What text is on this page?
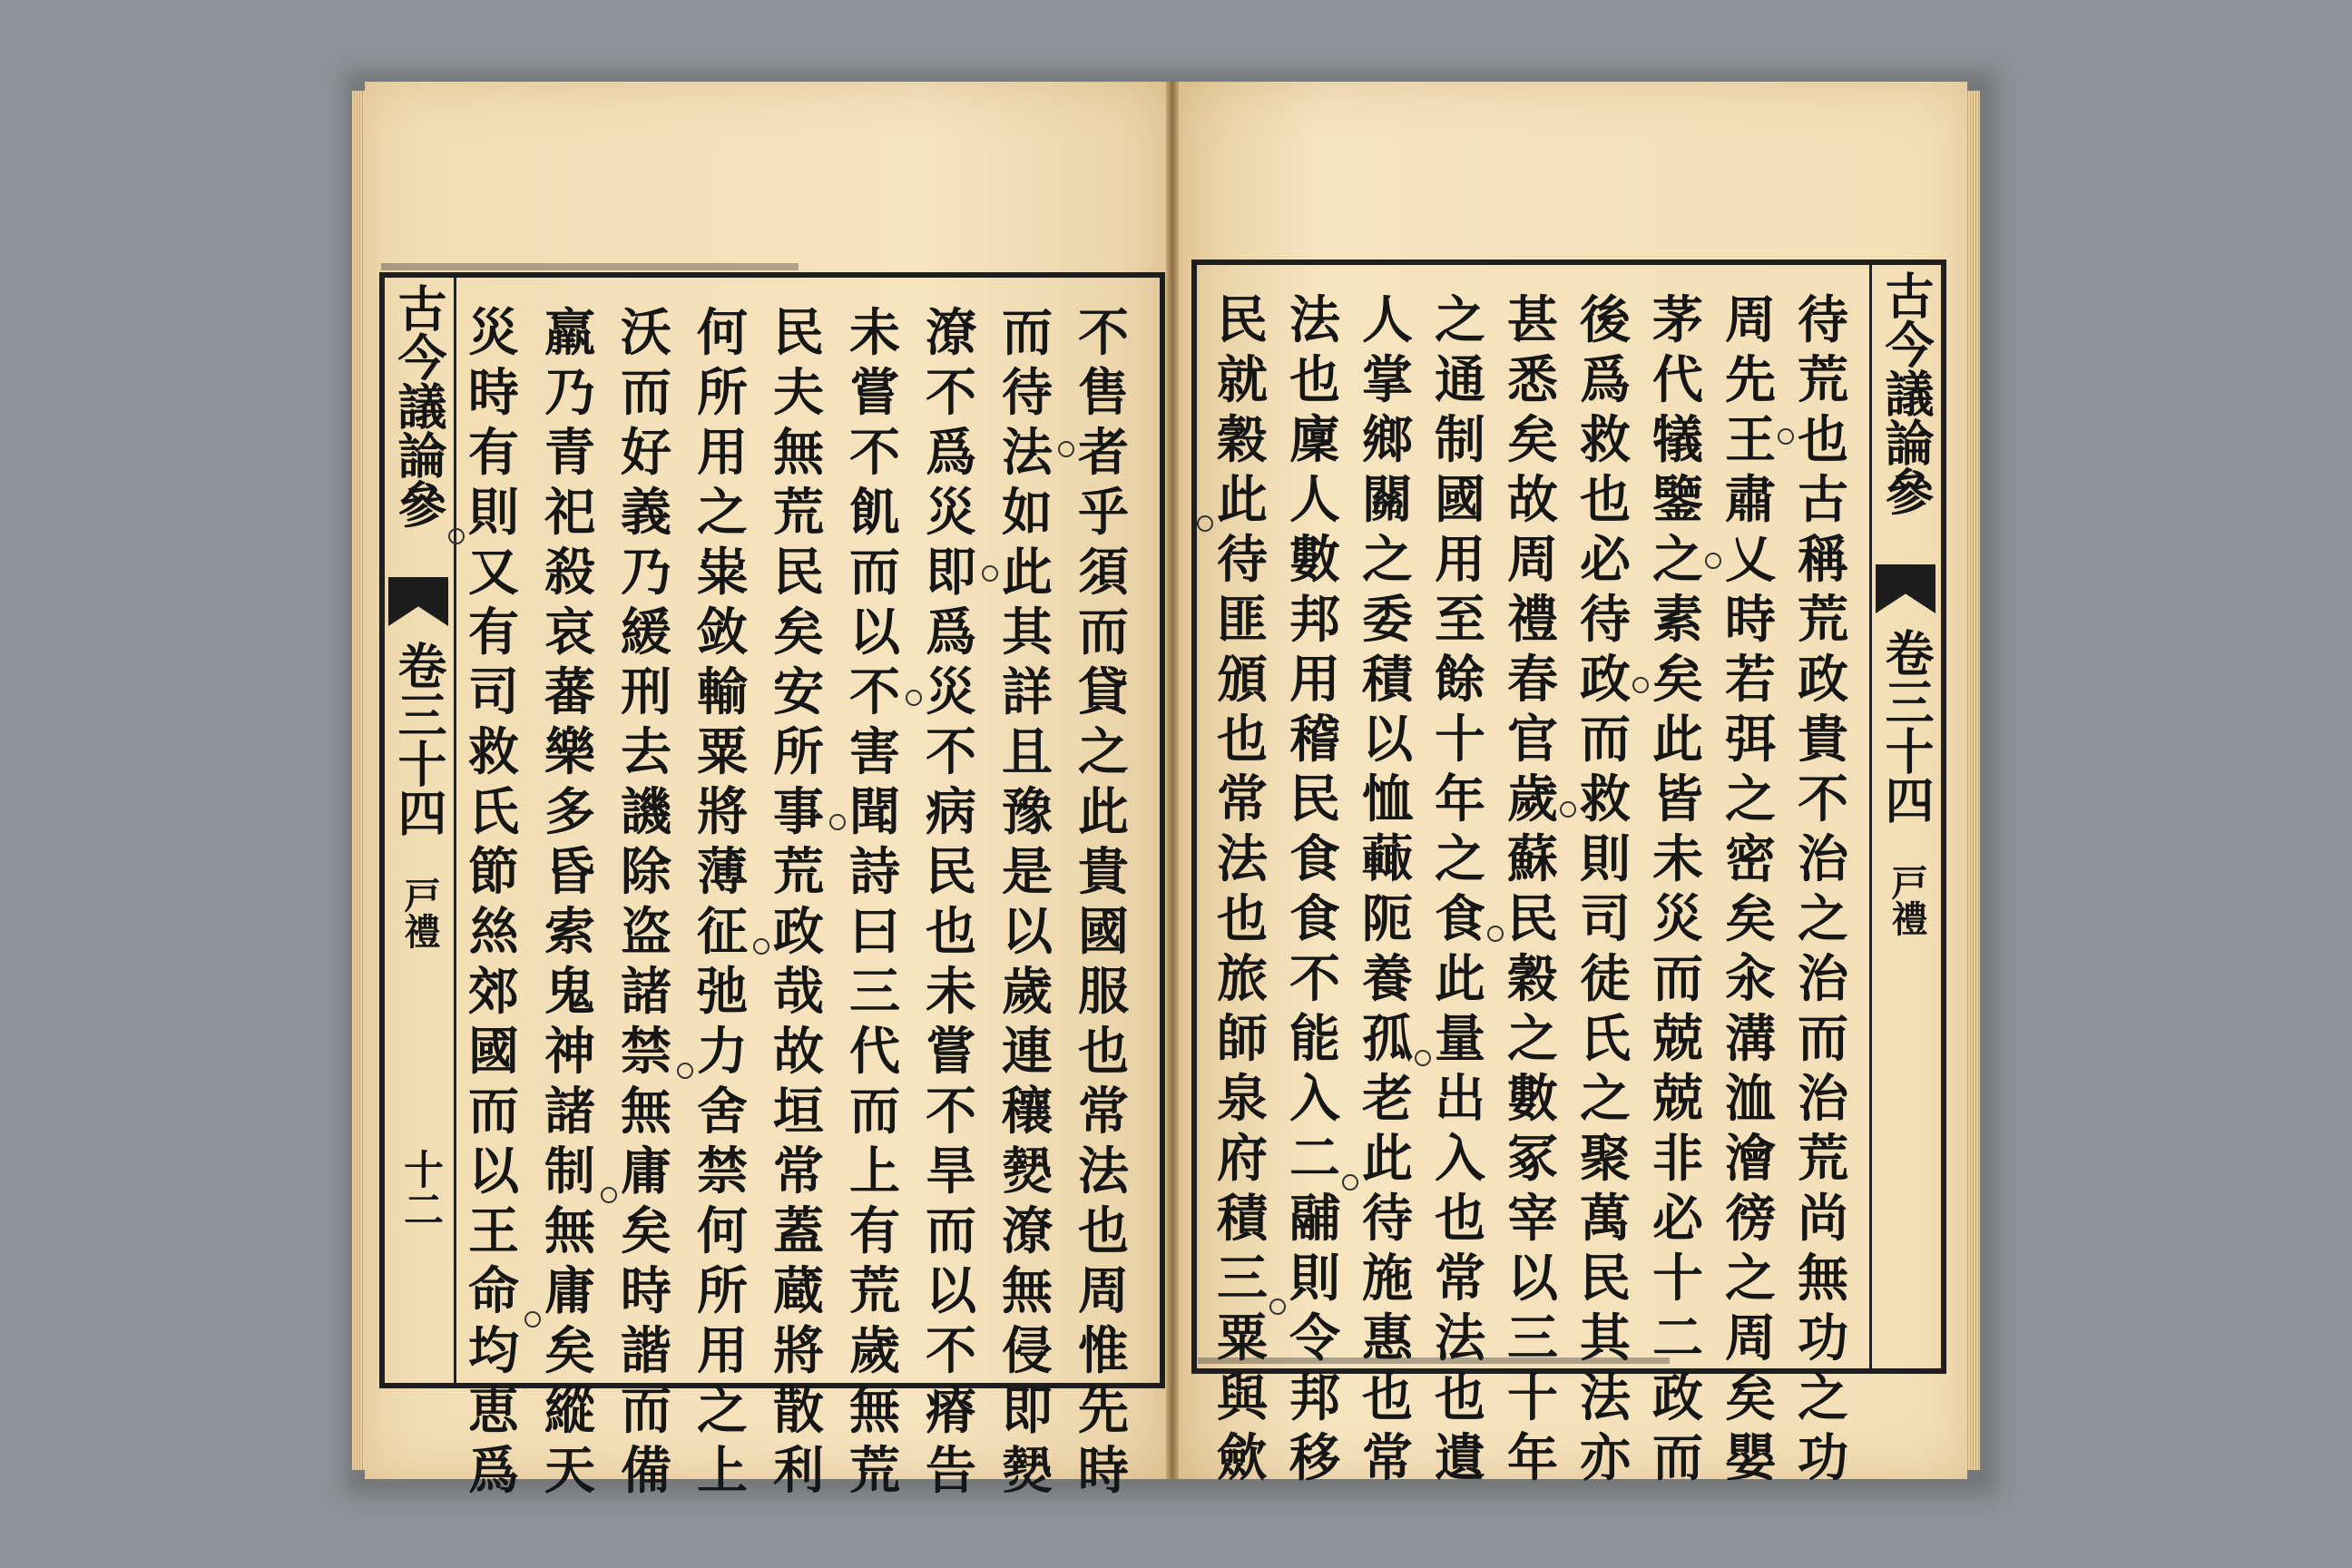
古今議論參
卷三十四
戸禮
十二
不
售
者
乎
須
而
貸
之
此
貴
國
服
也
常
法
也
周
惟
先
時
而
待
法
如
此
其
詳
且
豫
是
以
歲
連
穰
𤎮
潦
無
侵
即
𤎮
潦
不
爲
災
即
爲
災
不
病
民
也
未
嘗
不
旱
而
以
不
瘠
告
未
嘗
不
飢
而
以
不
害
聞
詩
曰
三
代
而
上
有
荒
歲
無
荒
民
夫
無
荒
民
矣
安
所
事
荒
政
哉
故
垣
常
蓋
蔵
將
散
利
何
所
用
之
粜
敛
輸
粟
將
薄
征
弛
力
舍
禁
何
所
用
之
上
沃
而
好
義
乃
緩
刑
去
譏
除
盗
諸
禁
無
庸
矣
時
諧
而
備
羸
乃
青
祀
殺
哀
蕃
樂
多
昏
索
鬼
神
諸
制
無
庸
矣
縱
天
災
時
有
則
又
有
司
救
氏
節
𢇁
郊
國
而
以
王
命
均
恵
爲
古今議論參
卷三十四
戸禮
待
荒
也
古
稱
荒
政
貴
不
治
之
治
而
治
荒
尚
無
功
之
功
周
先
王
肅
乂
時
若
弭
之
密
矣
汆
溝
洫
澮
徬
之
周
矣
嬰
茅
代
犠
鑒
之
素
矣
此
皆
未
災
而
兢
兢
非
必
十
二
政
而
後
爲
救
也
必
待
政
而
救
則
司
徒
氏
之
聚
萬
民
其
法
亦
甚
悉
矣
故
周
禮
春
官
歲
蘇
民
穀
之
數
冢
宰
以
三
十
年
之
通
制
國
用
至
餘
十
年
之
食
此
量
出
入
也
常
法
也
遺
人
掌
鄉
關
之
委
積
以
恤
𧁍
阨
養
孤
老
此
待
施
惠
也
常
法
也
廩
人
數
邦
用
稽
民
食
食
不
能
入
二
鬴
則
令
邦
移
民
就
穀
此
待
匪
頒
也
常
法
也
旅
師
泉
府
積
三
粟
與
歛
